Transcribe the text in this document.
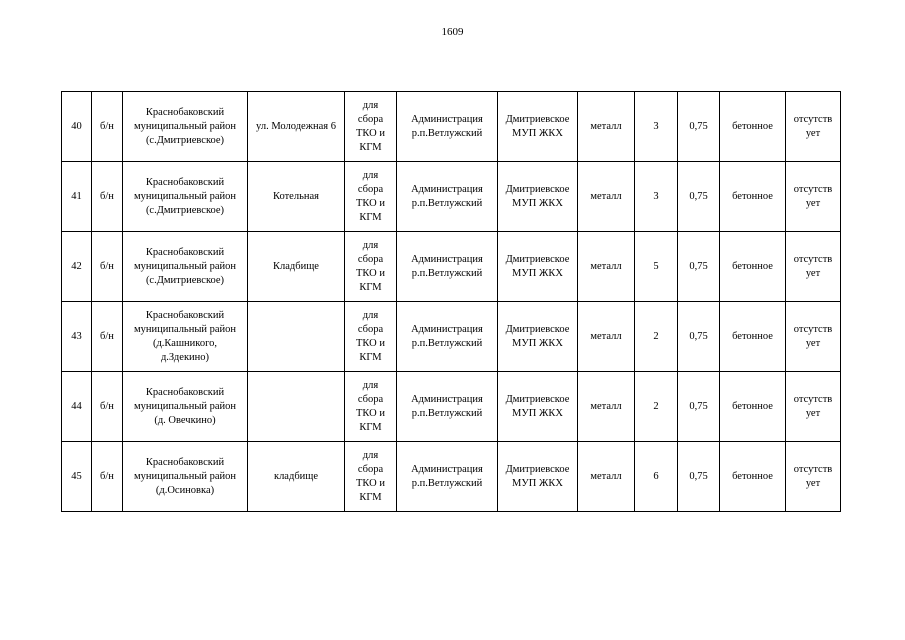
1609
40	б/н	Краснобаковский
муниципальный район
(с.Дмитриевское)	ул. Молодежная 6	для
сбора
ТКО и
КГМ	Администрация р.п.Ветлужский	Дмитриевское МУП ЖКХ	металл	3	0,75	бетонное	отсутств
ует
41	б/н	Краснобаковский
муниципальный район
(с.Дмитриевское)	Котельная	для
сбора
ТКО и
КГМ	Администрация р.п.Ветлужский	Дмитриевское МУП ЖКХ	металл	3	0,75	бетонное	отсутств
ует
42	б/н	Краснобаковский
муниципальный район
(с.Дмитриевское)	Кладбище	для
сбора
ТКО и
КГМ	Администрация р.п.Ветлужский	Дмитриевское МУП ЖКХ	металл	5	0,75	бетонное	отсутств
ует
43	б/н	Краснобаковский
муниципальный район
(д.Кашникого,
д.Здекино)		для
сбора
ТКО и
КГМ	Администрация р.п.Ветлужский	Дмитриевское МУП ЖКХ	металл	2	0,75	бетонное	отсутств
ует
44	б/н	Краснобаковский
муниципальный район
(д. Овечкино)		для
сбора
ТКО и
КГМ	Администрация р.п.Ветлужский	Дмитриевское МУП ЖКХ	металл	2	0,75	бетонное	отсутств
ует
45	б/н	Краснобаковский
муниципальный район
(д.Осиновка)	кладбище	для
сбора
ТКО и
КГМ	Администрация р.п.Ветлужский	Дмитриевское МУП ЖКХ	металл	6	0,75	бетонное	отсутств
ует
